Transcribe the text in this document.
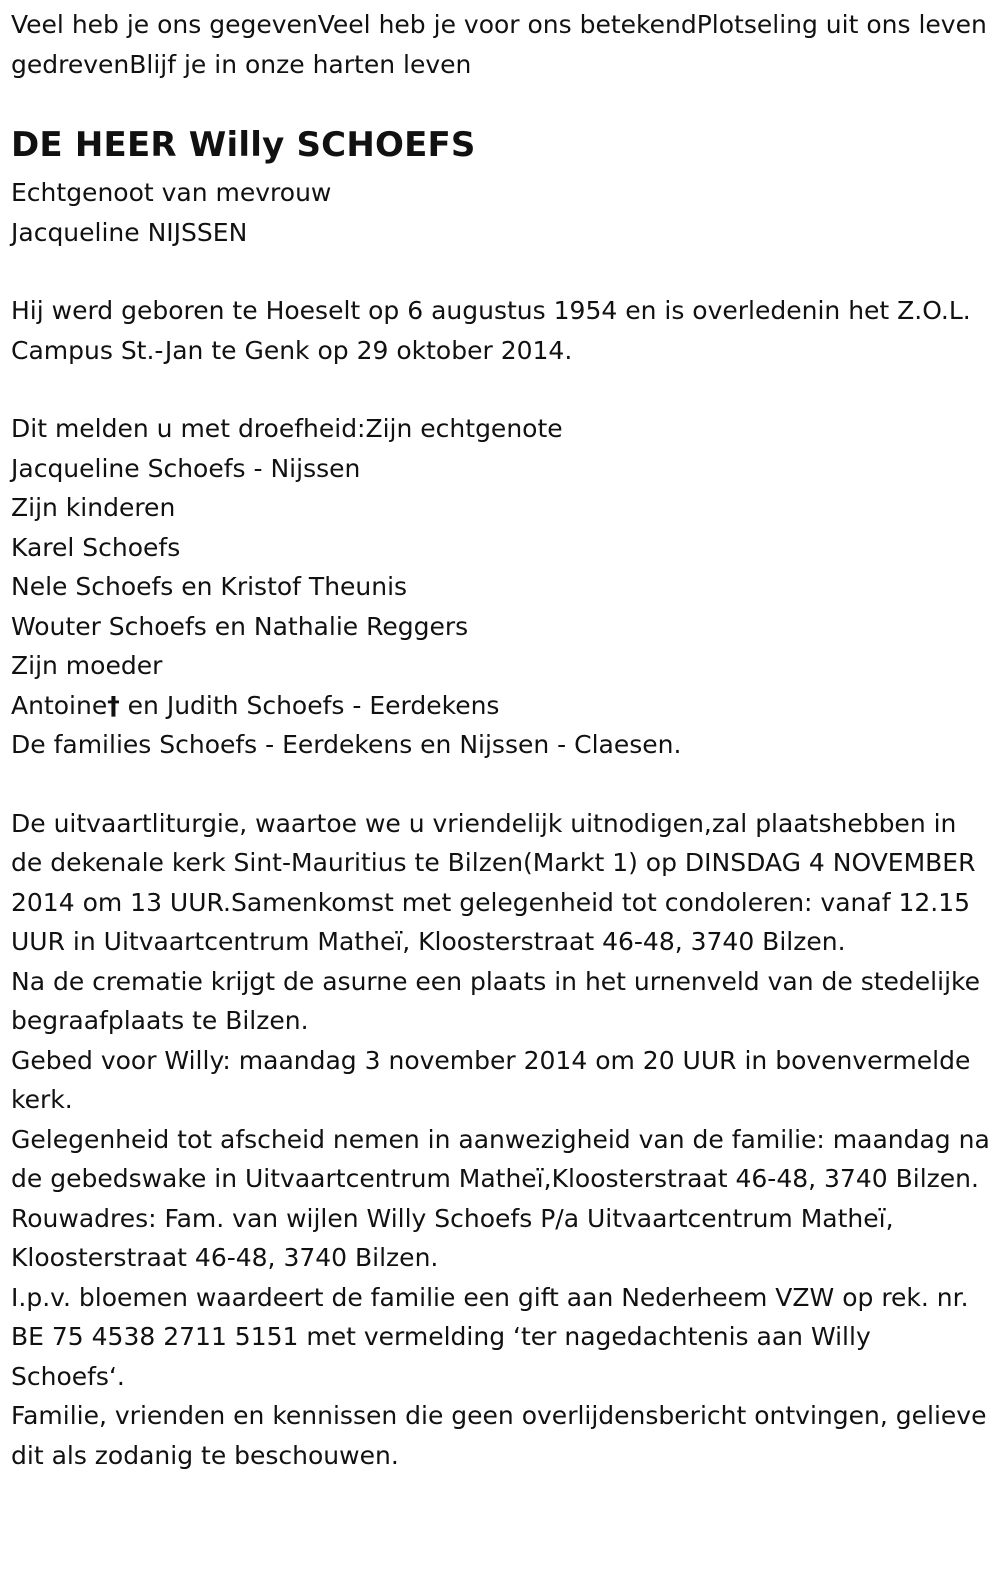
Veel heb je ons gegevenVeel heb je voor ons betekendPlotseling uit ons leven gedrevenBlijf je in onze harten leven

DE HEER Willy SCHOEFS

Echtgenoot van mevrouw

Jacqueline NIJSSEN

Hij werd geboren te Hoeselt op 6 augustus 1954 en is overledenin het Z.O.L. Campus St.-Jan te Genk op 29 oktober 2014.

Dit melden u met droefheid:Zijn echtgenote

Jacqueline Schoefs - Nijssen

Zijn kinderen

Karel Schoefs

Nele Schoefs en Kristof Theunis

Wouter Schoefs en Nathalie Reggers

Zijn moeder

Antoine† en Judith Schoefs - Eerdekens

De families Schoefs - Eerdekens en Nijssen - Claesen.

De uitvaartliturgie, waartoe we u vriendelijk uitnodigen,zal plaatshebben in de dekenale kerk Sint-Mauritius te Bilzen(Markt 1) op DINSDAG 4 NOVEMBER 2014 om 13 UUR.Samenkomst met gelegenheid tot condoleren: vanaf 12.15 UUR in Uitvaartcentrum Matheï, Kloosterstraat 46-48, 3740 Bilzen.

Na de crematie krijgt de asurne een plaats in het urnenveld van de stedelijke begraafplaats te Bilzen.

Gebed voor Willy: maandag 3 november 2014 om 20 UUR in bovenvermelde kerk.

Gelegenheid tot afscheid nemen in aanwezigheid van de familie: maandag na de gebedswake in Uitvaartcentrum Matheï,Kloosterstraat 46-48, 3740 Bilzen.

Rouwadres: Fam. van wijlen Willy Schoefs P/a Uitvaartcentrum Matheï, Kloosterstraat 46-48, 3740 Bilzen.

I.p.v. bloemen waardeert de familie een gift aan Nederheem VZW op rek. nr. BE 75 4538 2711 5151 met vermelding ‘ter nagedachtenis aan Willy Schoefs‘.

Familie, vrienden en kennissen die geen overlijdensbericht ontvingen, gelieve dit als zodanig te beschouwen.
